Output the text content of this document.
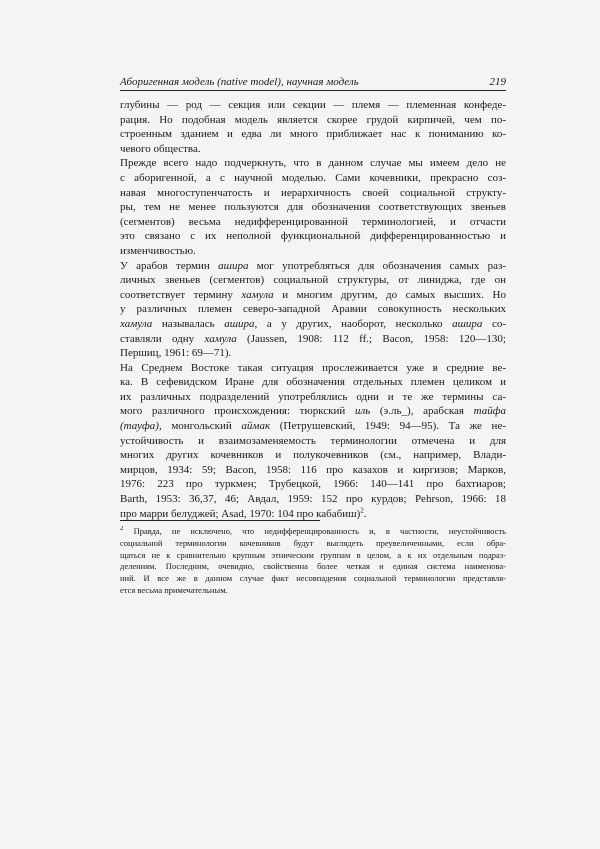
Аборигенная модель (native model), научная модель	219
глубины — род — секция или секции — племя — племенная конфеде-
рация. Но подобная модель является скорее грудой кирпичей, чем по-
строенным зданием и едва ли много приближает нас к пониманию ко-
чевого общества.
Прежде всего надо подчеркнуть, что в данном случае мы имеем дело не
с аборигенной, а с научной моделью. Сами кочевники, прекрасно соз-
навая многоступенчатость и иерархичность своей социальной структу-
ры, тем не менее пользуются для обозначения соответствующих звеньев
(сегментов) весьма недифференцированной терминологией, и отчасти
это связано с их неполной функциональной дифференцированностью и
изменчивостью.
У арабов термин ашира мог употребляться для обозначения самых раз-
личных звеньев (сегментов) социальной структуры, от линиджа, где он
соответствует термину хамула и многим другим, до самых высших. Но
у различных племен северо-западной Аравии совокупность нескольких
хамула называлась ашира, а у других, наоборот, несколько ашира со-
ставляли одну хамула (Jaussen, 1908: 112 ff.; Bacon, 1958: 120—130;
Першиц, 1961: 69—71).
На Среднем Востоке такая ситуация прослеживается уже в средние ве-
ка. В сефевидском Иране для обозначения отдельных племен целиком и
их различных подразделений употреблялись одни и те же термины са-
мого различного происхождения: тюркский иль (э.ль_), арабская тайфа
(тауфа), монгольский аймак (Петрушевский, 1949: 94—95). Та же не-
устойчивость и взаимозаменяемость терминологии отмечена и для
многих других кочевников и полукочевников (см., например, Влади-
мирцов, 1934: 59; Bacon, 1958: 116 про казахов и киргизов; Марков,
1976: 223 про туркмен; Трубецкой, 1966: 140—141 про бахтиаров;
Barth, 1953: 36,37, 46; Авдал, 1959: 152 про курдов; Pehrson, 1966: 18
про марри белуджей; Asad, 1970: 104 про кабабиш)$^2$.
$^2$ Правда, не исключено, что недифференцированность и, в частности, неустойчивость
социальной терминологии кочевников будут выглядеть преувеличенными, если обра-
щаться не к сравнительно крупным этническим группам в целом, а к их отдельным подраз-
делениям. Последним, очевидно, свойственна более четкая и единая система наименова-
ний. И все же в данном случае факт несовпадения социальной терминологии представля-
ется весьма примечательным.
